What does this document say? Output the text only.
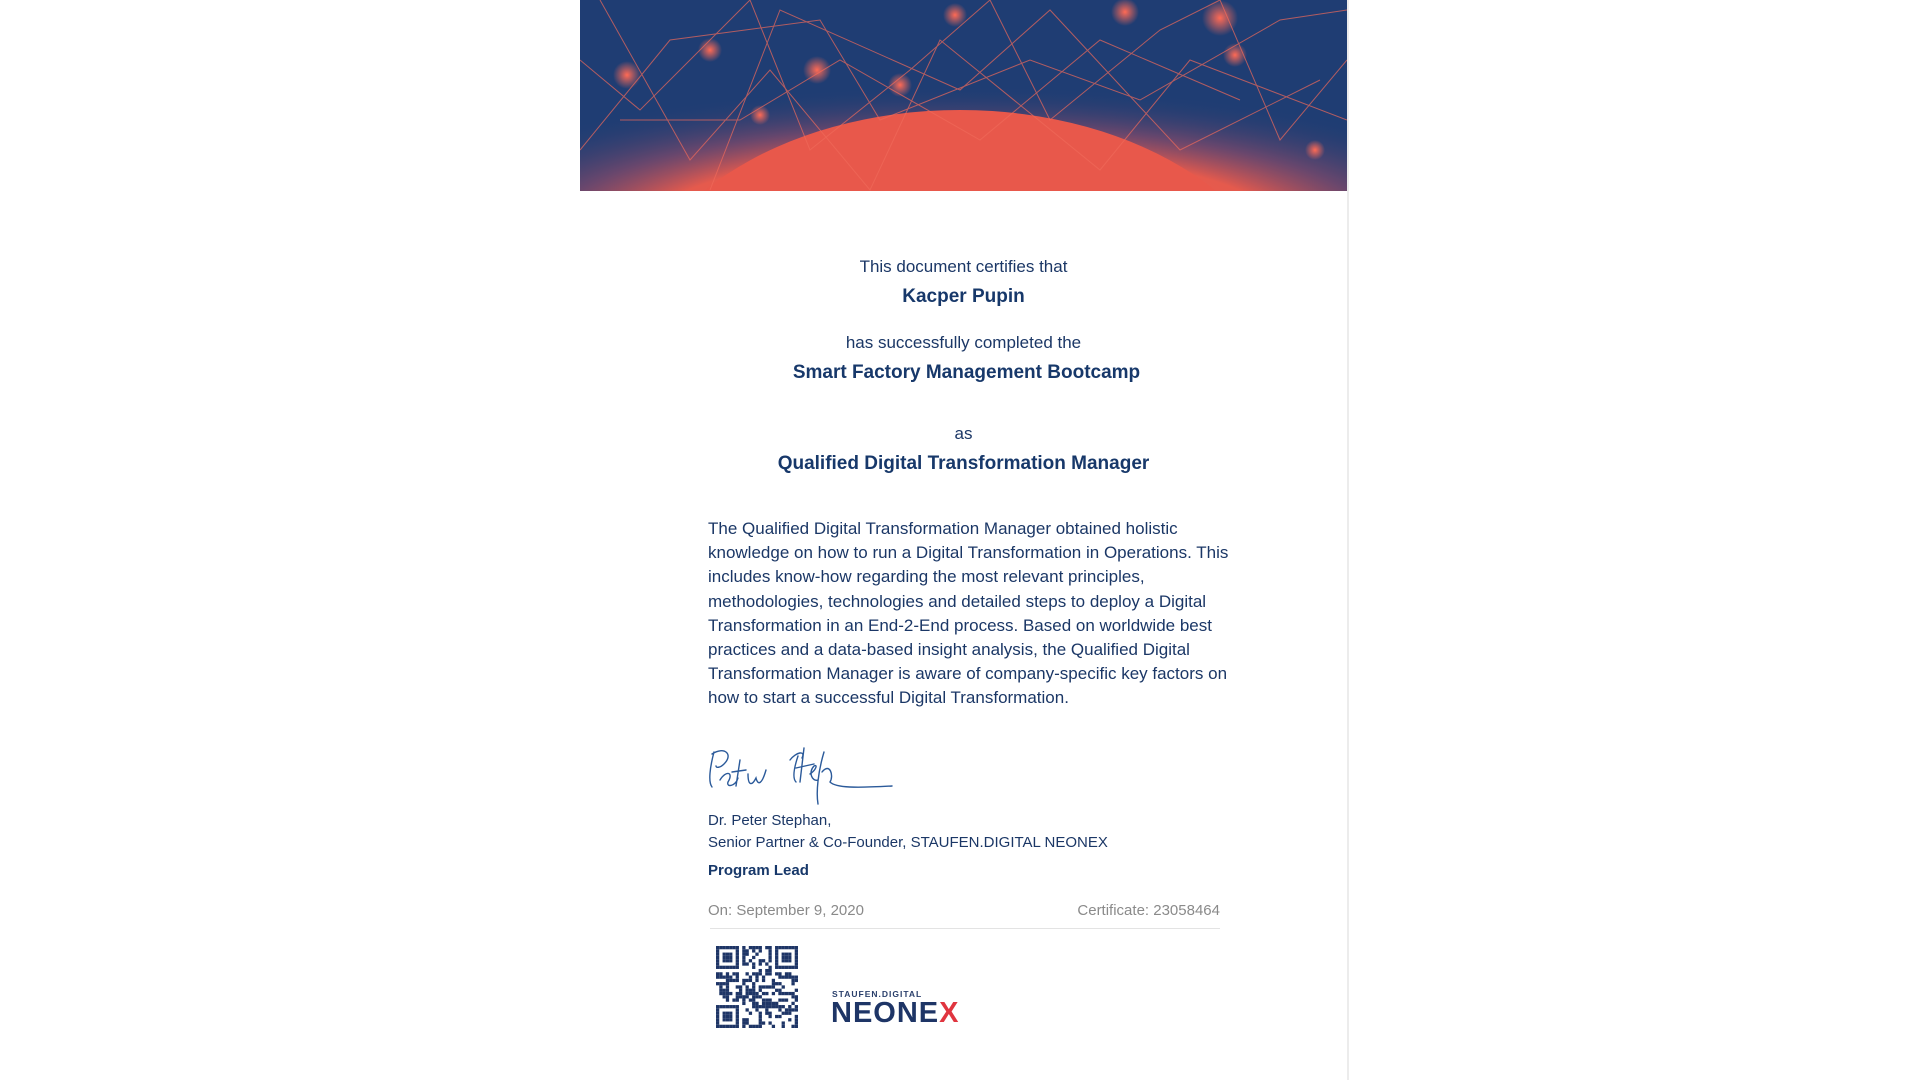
This document certifies that
Kacper Pupin
has successfully completed the
Smart Factory Management Bootcamp
as
Qualified Digital Transformation Manager
The Qualified Digital Transformation Manager obtained holistic knowledge on how to run a Digital Transformation in Operations. This includes know-how regarding the most relevant principles, methodologies, technologies and detailed steps to deploy a Digital Transformation in an End-2-End process. Based on worldwide best practices and a data-based insight analysis, the Qualified Digital Transformation Manager is aware of company-specific key factors on how to start a successful Digital Transformation.
Dr. Peter Stephan,
Senior Partner & Co-Founder, STAUFEN.DIGITAL NEONEX
Program Lead
On: September 9, 2020	Certificate: 23058464
STAUFEN.DIGITAL
NEONEX
